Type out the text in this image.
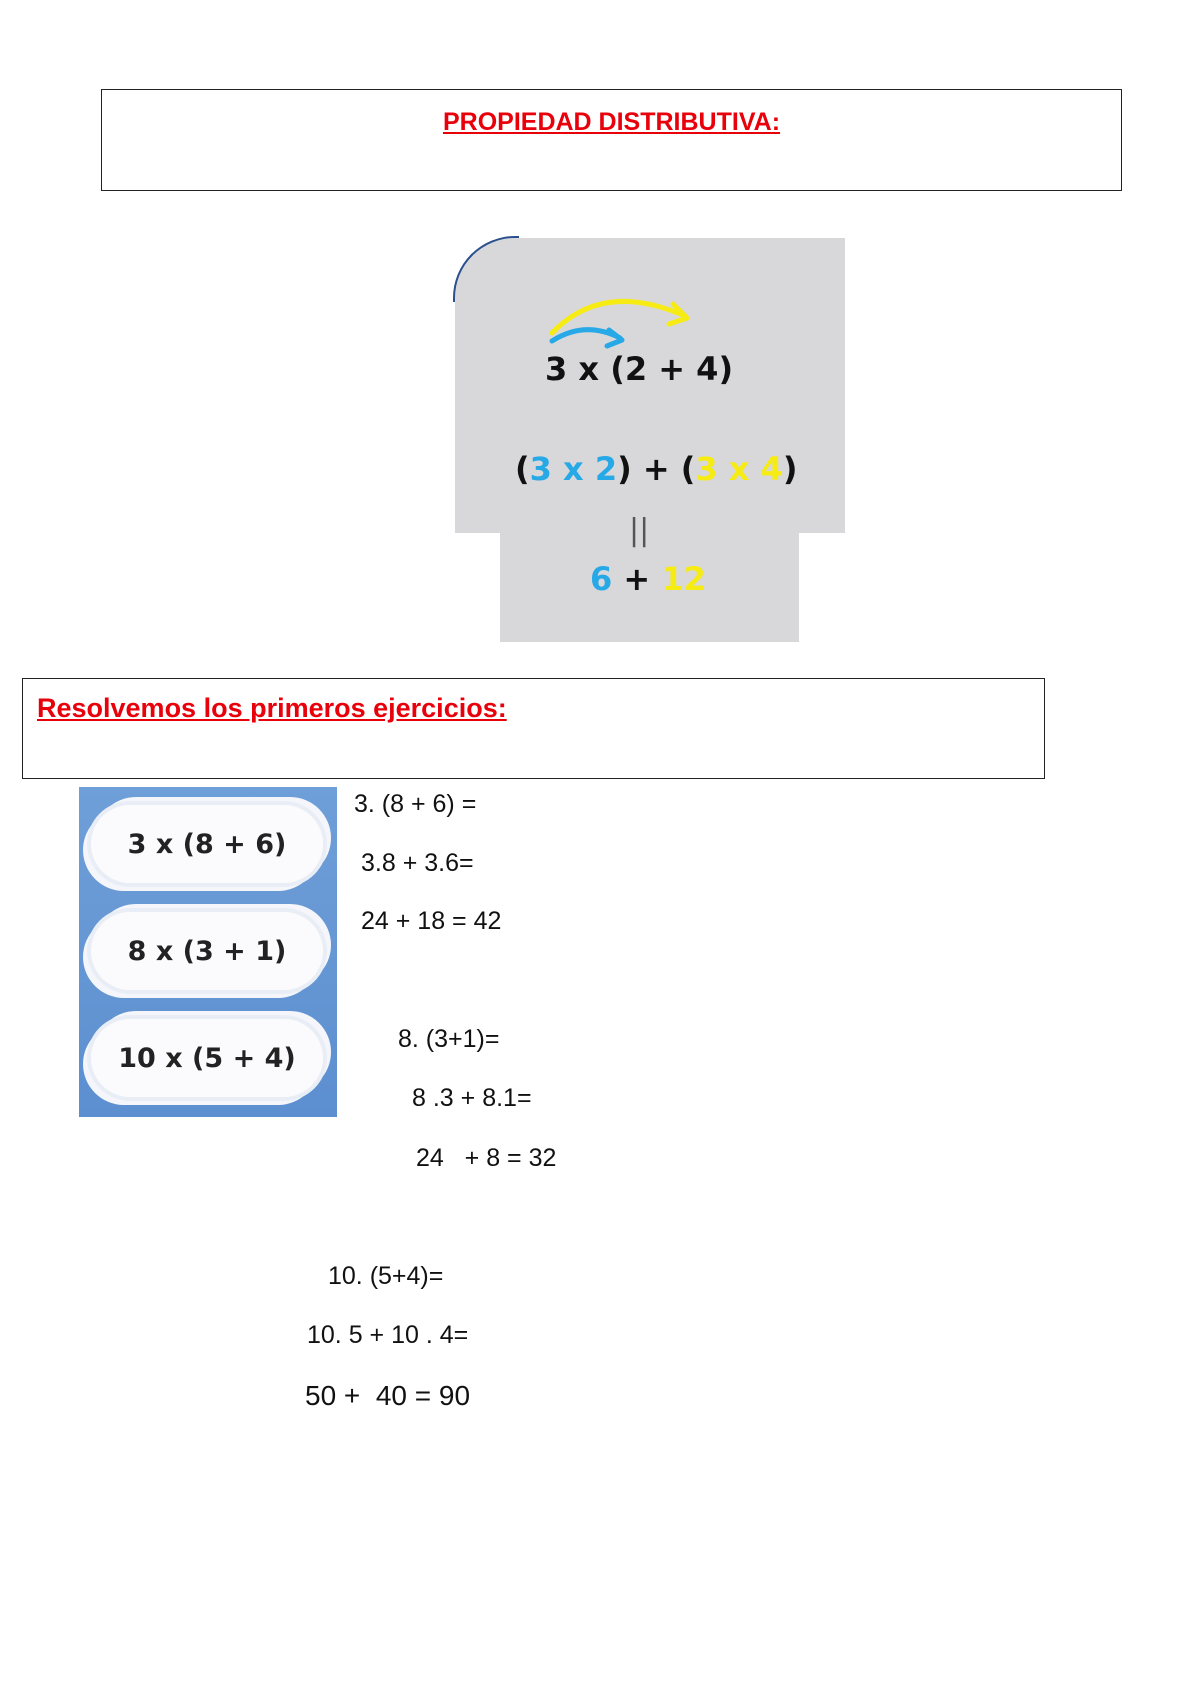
PROPIEDAD DISTRIBUTIVA:
3 x (2 + 4)
(3 x 2) + (3 x 4)
||
6 + 12
Resolvemos los primeros ejercicios:
3 x (8 + 6)
8 x (3 + 1)
10 x (5 + 4)
3. (8 + 6) =
3.8 + 3.6=
24 + 18 = 42
8. (3+1)=
8 .3 + 8.1=
24   + 8 = 32
10. (5+4)=
10. 5 + 10 . 4=
50 +  40 = 90
